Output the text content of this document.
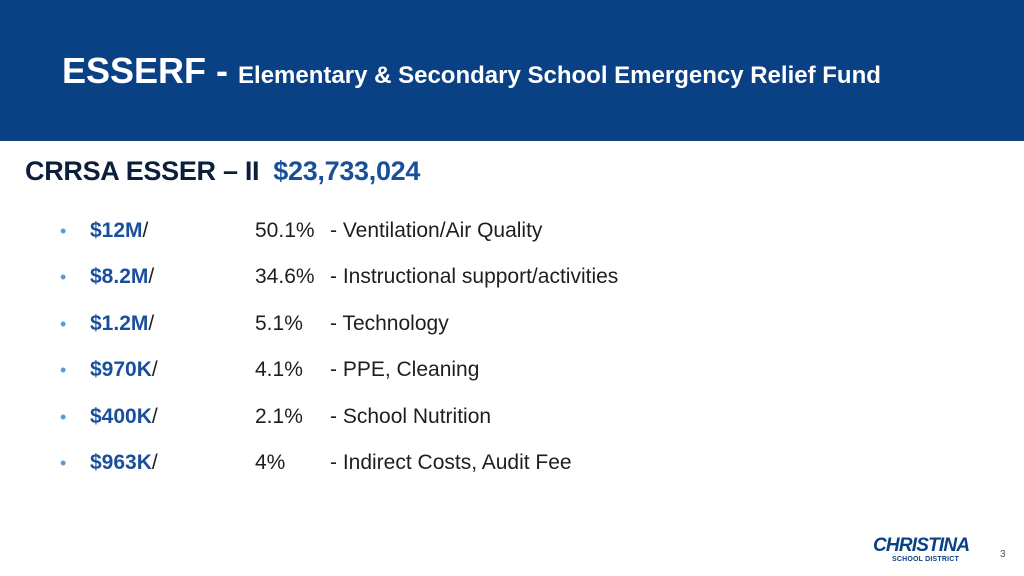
ESSERF - Elementary & Secondary School Emergency Relief Fund
CRRSA ESSER – II $23,733,024
• $12M/	50.1% - Ventilation/Air Quality
• $8.2M/	34.6% - Instructional support/activities
• $1.2M/	5.1% - Technology
• $970K/	4.1% - PPE, Cleaning
• $400K/	2.1% - School Nutrition
• $963K/	4% - Indirect Costs, Audit Fee
CHRISTINA
SCHOOL DISTRICT	3
